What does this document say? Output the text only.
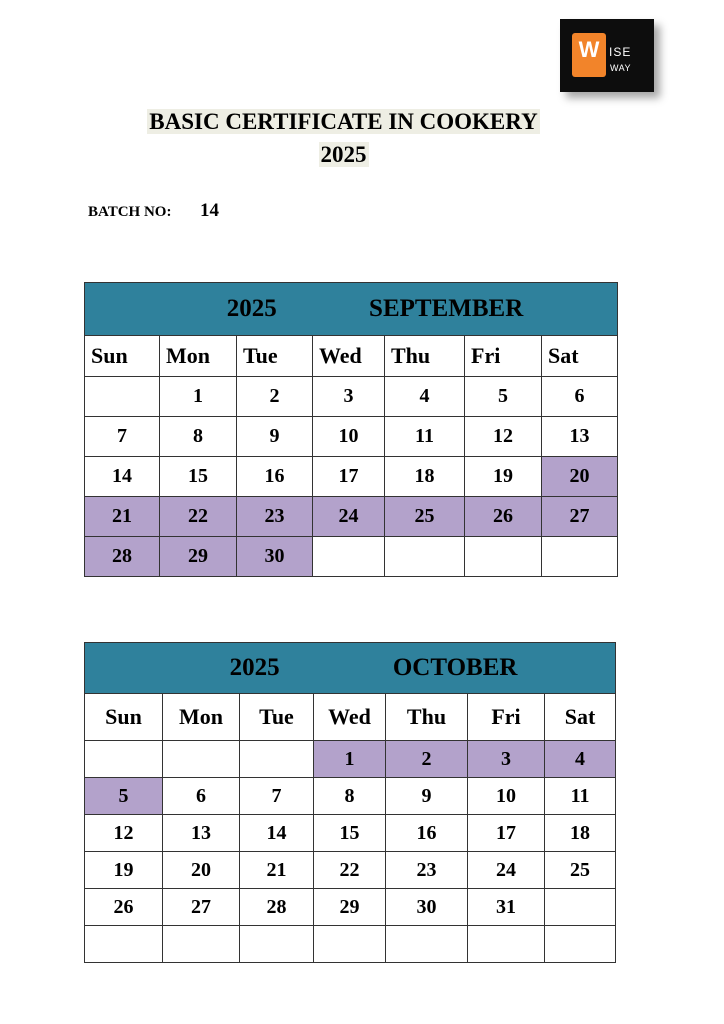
W ISE
WAY
BASIC CERTIFICATE IN COOKERY
2025
BATCH NO: 14
2025 SEPTEMBER						
Sun	Mon	Tue	Wed	Thu	Fri	Sat
	1	2	3	4	5	6
7	8	9	10	11	12	13
14	15	16	17	18	19	20
21	22	23	24	25	26	27
28	29	30				
2025 OCTOBER						
Sun	Mon	Tue	Wed	Thu	Fri	Sat
			1	2	3	4
5	6	7	8	9	10	11
12	13	14	15	16	17	18
19	20	21	22	23	24	25
26	27	28	29	30	31	
